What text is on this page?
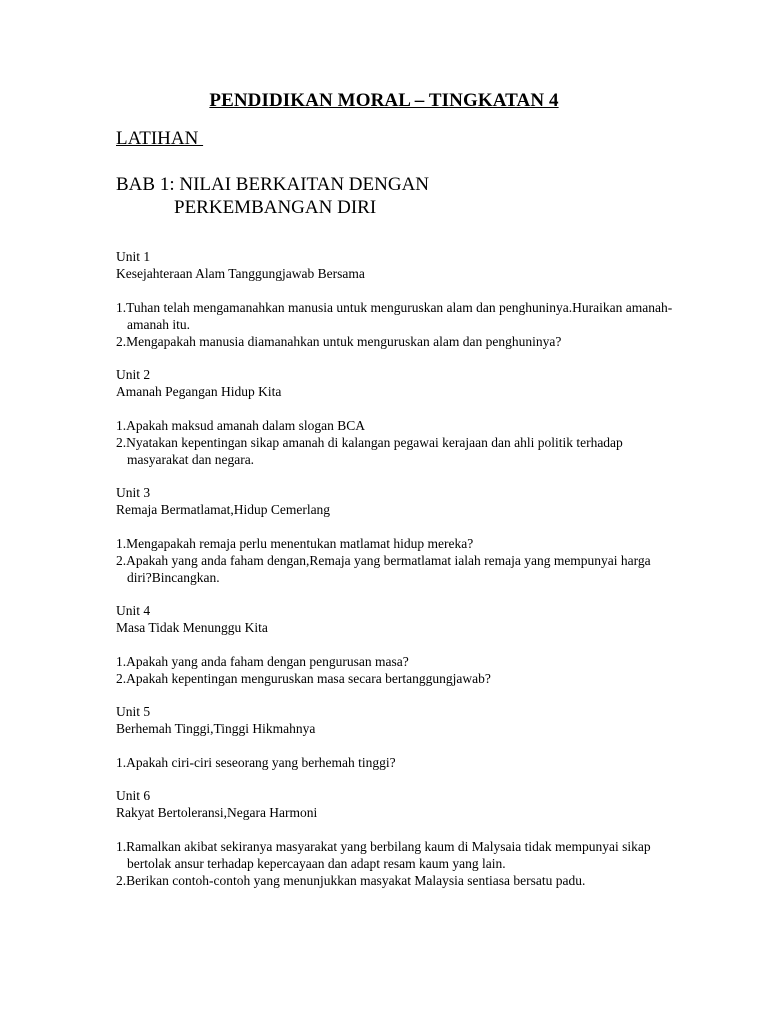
PENDIDIKAN MORAL – TINGKATAN 4
LATIHAN
BAB 1: NILAI BERKAITAN DENGAN
PERKEMBANGAN DIRI
Unit 1
Kesejahteraan Alam Tanggungjawab Bersama
1.Tuhan telah mengamanahkan manusia untuk menguruskan alam dan penghuninya.Huraikan amanah-amanah itu.
2.Mengapakah manusia diamanahkan untuk menguruskan alam dan penghuninya?
Unit 2
Amanah Pegangan Hidup Kita
1.Apakah maksud amanah dalam slogan BCA
2.Nyatakan kepentingan sikap amanah di kalangan pegawai kerajaan dan ahli politik terhadap masyarakat dan negara.
Unit 3
Remaja Bermatlamat,Hidup Cemerlang
1.Mengapakah remaja perlu menentukan matlamat hidup mereka?
2.Apakah yang anda faham dengan,Remaja yang bermatlamat ialah remaja yang mempunyai harga diri?Bincangkan.
Unit 4
Masa Tidak Menunggu Kita
1.Apakah yang anda faham dengan pengurusan masa?
2.Apakah kepentingan menguruskan masa secara bertanggungjawab?
Unit 5
Berhemah Tinggi,Tinggi Hikmahnya
1.Apakah ciri-ciri seseorang yang berhemah tinggi?
Unit 6
Rakyat Bertoleransi,Negara Harmoni
1.Ramalkan akibat sekiranya masyarakat yang berbilang kaum di Malysaia tidak mempunyai sikap bertolak ansur terhadap kepercayaan dan adapt resam kaum yang lain.
2.Berikan contoh-contoh yang menunjukkan masyakat Malaysia sentiasa bersatu padu.
